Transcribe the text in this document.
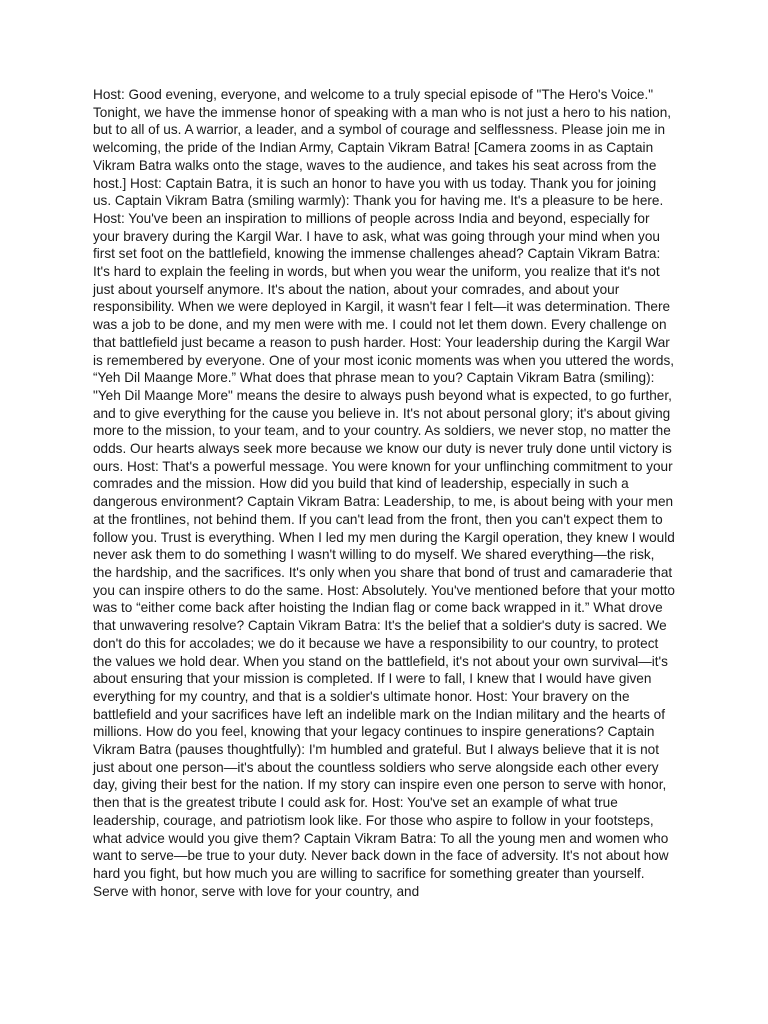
Host: Good evening, everyone, and welcome to a truly special episode of "The Hero's Voice." Tonight, we have the immense honor of speaking with a man who is not just a hero to his nation, but to all of us. A warrior, a leader, and a symbol of courage and selflessness. Please join me in welcoming, the pride of the Indian Army, Captain Vikram Batra! [Camera zooms in as Captain Vikram Batra walks onto the stage, waves to the audience, and takes his seat across from the host.] Host: Captain Batra, it is such an honor to have you with us today. Thank you for joining us. Captain Vikram Batra (smiling warmly): Thank you for having me. It's a pleasure to be here. Host: You've been an inspiration to millions of people across India and beyond, especially for your bravery during the Kargil War. I have to ask, what was going through your mind when you first set foot on the battlefield, knowing the immense challenges ahead? Captain Vikram Batra: It's hard to explain the feeling in words, but when you wear the uniform, you realize that it's not just about yourself anymore. It's about the nation, about your comrades, and about your responsibility. When we were deployed in Kargil, it wasn't fear I felt—it was determination. There was a job to be done, and my men were with me. I could not let them down. Every challenge on that battlefield just became a reason to push harder. Host: Your leadership during the Kargil War is remembered by everyone. One of your most iconic moments was when you uttered the words, “Yeh Dil Maange More.” What does that phrase mean to you? Captain Vikram Batra (smiling): "Yeh Dil Maange More" means the desire to always push beyond what is expected, to go further, and to give everything for the cause you believe in. It's not about personal glory; it's about giving more to the mission, to your team, and to your country. As soldiers, we never stop, no matter the odds. Our hearts always seek more because we know our duty is never truly done until victory is ours. Host: That's a powerful message. You were known for your unflinching commitment to your comrades and the mission. How did you build that kind of leadership, especially in such a dangerous environment? Captain Vikram Batra: Leadership, to me, is about being with your men at the frontlines, not behind them. If you can't lead from the front, then you can't expect them to follow you. Trust is everything. When I led my men during the Kargil operation, they knew I would never ask them to do something I wasn't willing to do myself. We shared everything—the risk, the hardship, and the sacrifices. It's only when you share that bond of trust and camaraderie that you can inspire others to do the same. Host: Absolutely. You've mentioned before that your motto was to “either come back after hoisting the Indian flag or come back wrapped in it.” What drove that unwavering resolve? Captain Vikram Batra: It's the belief that a soldier's duty is sacred. We don't do this for accolades; we do it because we have a responsibility to our country, to protect the values we hold dear. When you stand on the battlefield, it's not about your own survival—it's about ensuring that your mission is completed. If I were to fall, I knew that I would have given everything for my country, and that is a soldier's ultimate honor. Host: Your bravery on the battlefield and your sacrifices have left an indelible mark on the Indian military and the hearts of millions. How do you feel, knowing that your legacy continues to inspire generations? Captain Vikram Batra (pauses thoughtfully): I'm humbled and grateful. But I always believe that it is not just about one person—it's about the countless soldiers who serve alongside each other every day, giving their best for the nation. If my story can inspire even one person to serve with honor, then that is the greatest tribute I could ask for. Host: You've set an example of what true leadership, courage, and patriotism look like. For those who aspire to follow in your footsteps, what advice would you give them? Captain Vikram Batra: To all the young men and women who want to serve—be true to your duty. Never back down in the face of adversity. It's not about how hard you fight, but how much you are willing to sacrifice for something greater than yourself. Serve with honor, serve with love for your country, and
